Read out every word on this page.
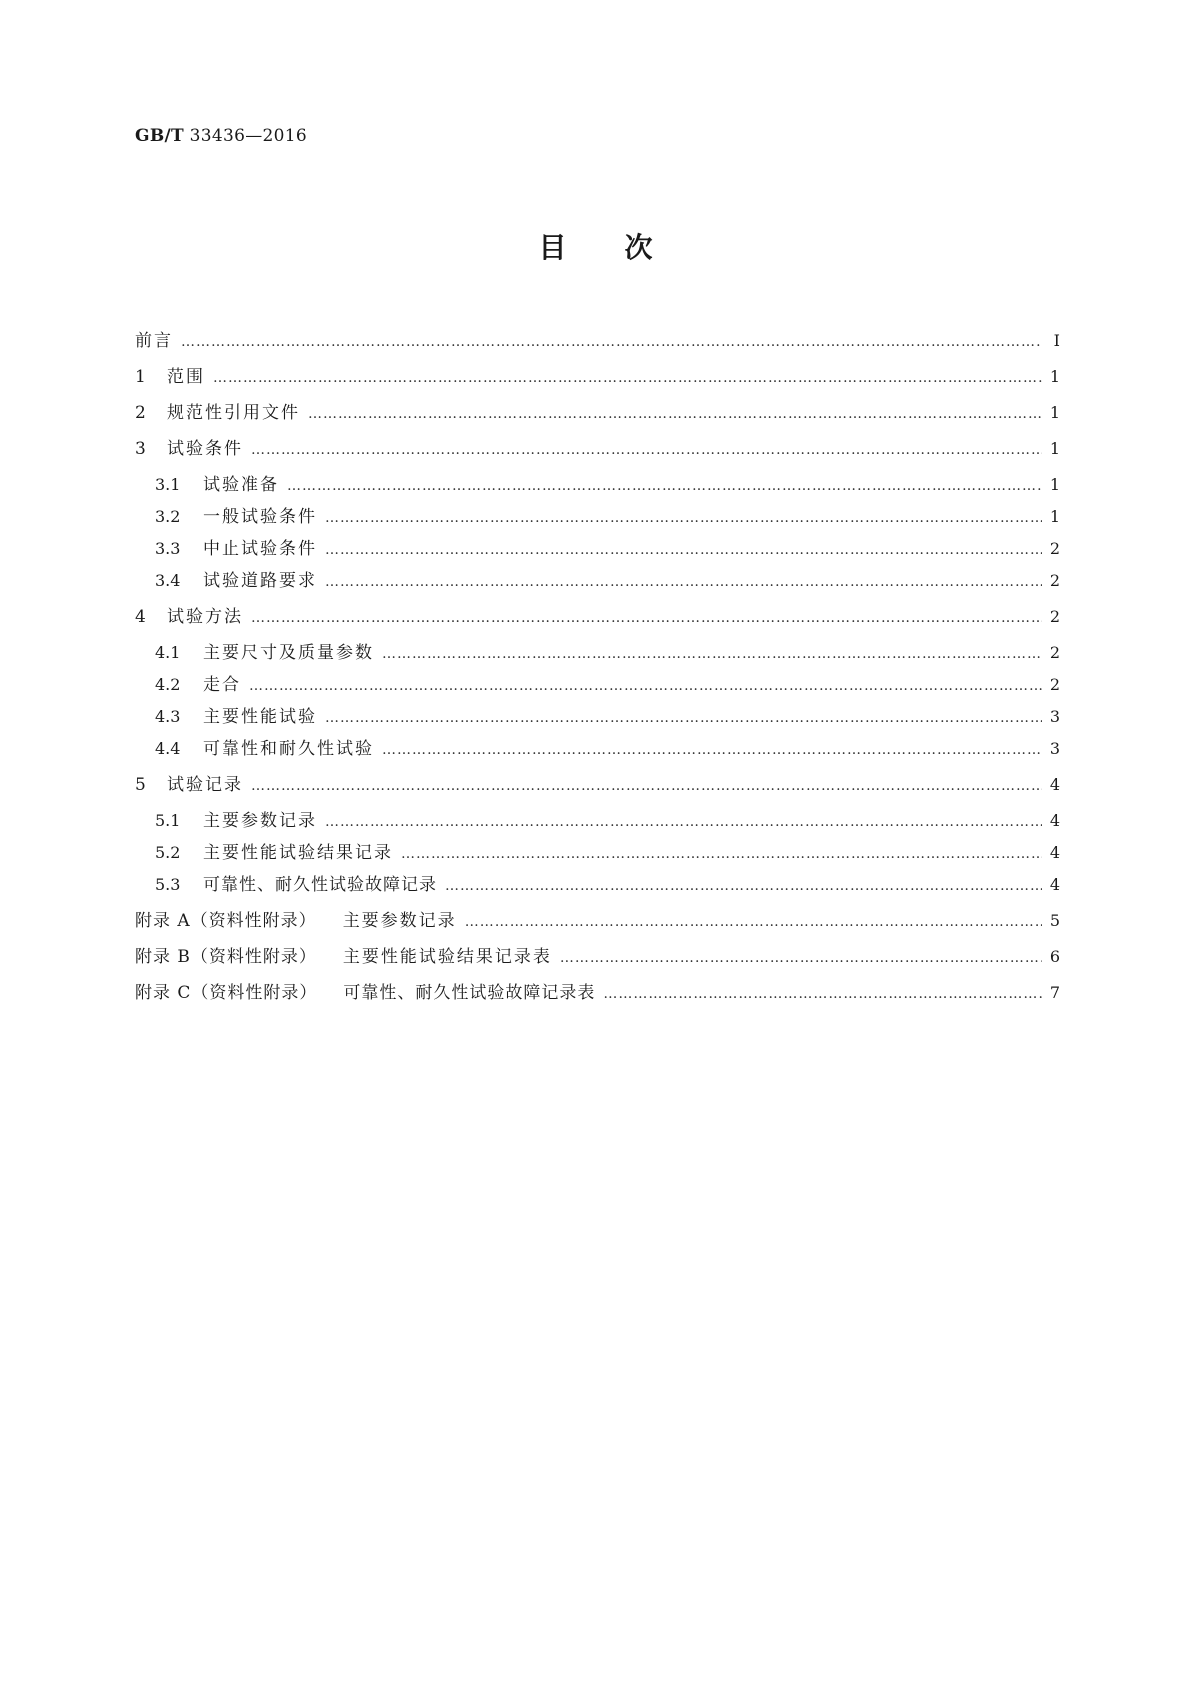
GB/T 33436—2016
目 次
前言 …………………………………………………………………………………………………………………………………………………………………………………………………………	Ⅰ
1	范围 …………………………………………………………………………………………………………………………………………………………………………………………………………	1
2	规范性引用文件 …………………………………………………………………………………………………………………………………………………………………………………………………………	1
3	试验条件 …………………………………………………………………………………………………………………………………………………………………………………………………………	1
3.1	试验准备 …………………………………………………………………………………………………………………………………………………………………………………………………………	1
3.2	一般试验条件 …………………………………………………………………………………………………………………………………………………………………………………………………………	1
3.3	中止试验条件 …………………………………………………………………………………………………………………………………………………………………………………………………………	2
3.4	试验道路要求 …………………………………………………………………………………………………………………………………………………………………………………………………………	2
4	试验方法 …………………………………………………………………………………………………………………………………………………………………………………………………………	2
4.1	主要尺寸及质量参数 …………………………………………………………………………………………………………………………………………………………………………………………………………	2
4.2	走合 …………………………………………………………………………………………………………………………………………………………………………………………………………	2
4.3	主要性能试验 …………………………………………………………………………………………………………………………………………………………………………………………………………	3
4.4	可靠性和耐久性试验 …………………………………………………………………………………………………………………………………………………………………………………………………………	3
5	试验记录 …………………………………………………………………………………………………………………………………………………………………………………………………………	4
5.1	主要参数记录 …………………………………………………………………………………………………………………………………………………………………………………………………………	4
5.2	主要性能试验结果记录 …………………………………………………………………………………………………………………………………………………………………………………………………………	4
5.3	可靠性、耐久性试验故障记录 …………………………………………………………………………………………………………………………………………………………………………………………………………	4
附录 A（资料性附录） 主要参数记录 …………………………………………………………………………………………………………………………………………………………………………………………………………	5
附录 B（资料性附录） 主要性能试验结果记录表 …………………………………………………………………………………………………………………………………………………………………………………………………………	6
附录 C（资料性附录） 可靠性、耐久性试验故障记录表 …………………………………………………………………………………………………………………………………………………………………………………………………………	7
